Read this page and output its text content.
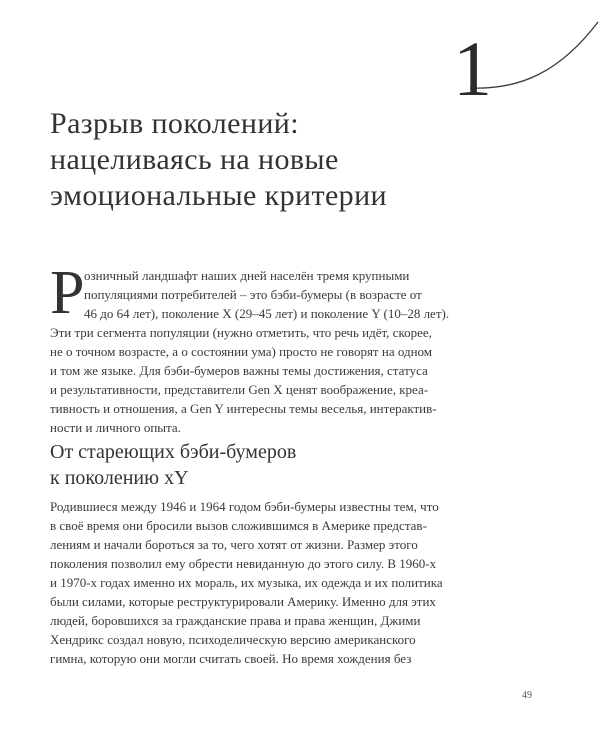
1
Разрыв поколений:
нацеливаясь на новые
эмоциональные критерии
Р озничный ландшафт наших дней населён тремя крупными
популяциями потребителей – это бэби-бумеры (в возрасте от
46 до 64 лет), поколение X (29–45 лет) и поколение Y (10–28 лет).
Эти три сегмента популяции (нужно отметить, что речь идёт, скорее,
не о точном возрасте, а о состоянии ума) просто не говорят на одном
и том же языке. Для бэби-бумеров важны темы достижения, статуса
и результативности, представители Gen X ценят воображение, креа-
тивность и отношения, а Gen Y интересны темы веселья, интерактив-
ности и личного опыта.
От стареющих бэби-бумеров
к поколению xY
Родившиеся между 1946 и 1964 годом бэби-бумеры известны тем, что
в своё время они бросили вызов сложившимся в Америке представ-
лениям и начали бороться за то, чего хотят от жизни. Размер этого
поколения позволил ему обрести невиданную до этого силу. В 1960-х
и 1970-х годах именно их мораль, их музыка, их одежда и их политика
были силами, которые реструктурировали Америку. Именно для этих
людей, боровшихся за гражданские права и права женщин, Джими
Хендрикс создал новую, психоделическую версию американского
гимна, которую они могли считать своей. Но время хождения без
49
